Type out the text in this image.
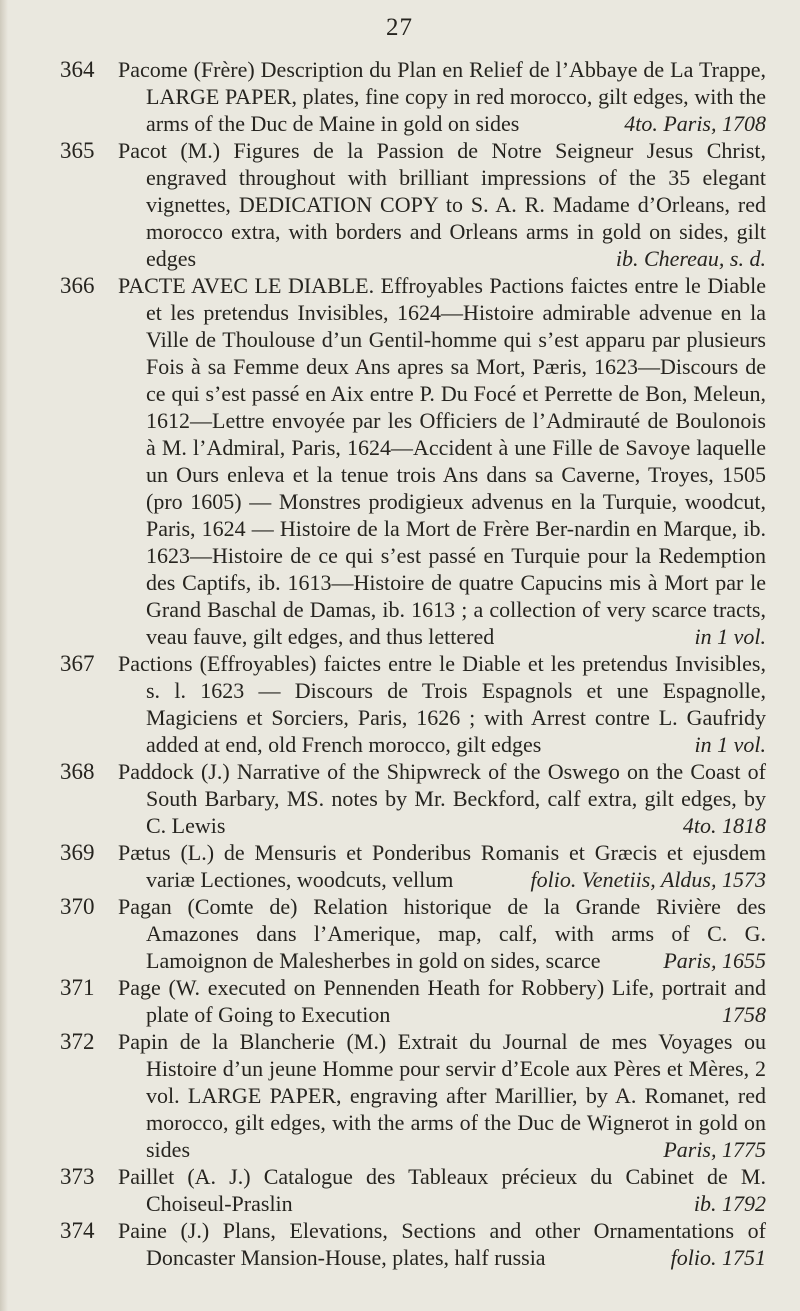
27
364 Pacome (Frère) Description du Plan en Relief de l’Abbaye de La Trappe, LARGE PAPER, plates, fine copy in red morocco, gilt edges, with the arms of the Duc de Maine in gold on sides	4to. Paris, 1708
365 Pacot (M.) Figures de la Passion de Notre Seigneur Jesus Christ, engraved throughout with brilliant impressions of the 35 elegant vignettes, DEDICATION COPY to S. A. R. Madame d’Orleans, red morocco extra, with borders and Orleans arms in gold on sides, gilt edges	ib. Chereau, s. d.
366 PACTE AVEC LE DIABLE. Effroyables Pactions faictes entre le Diable et les pretendus Invisibles, 1624—Histoire admirable advenue en la Ville de Thoulouse d’un Gentil-homme qui s’est apparu par plusieurs Fois à sa Femme deux Ans apres sa Mort, Pæris, 1623—Discours de ce qui s’est passé en Aix entre P. Du Focé et Perrette de Bon, Meleun, 1612—Lettre envoyée par les Officiers de l’Admirauté de Boulonois à M. l’Admiral, Paris, 1624—Accident à une Fille de Savoye laquelle un Ours enleva et la tenue trois Ans dans sa Caverne, Troyes, 1505 (pro 1605) — Monstres prodigieux advenus en la Turquie, woodcut, Paris, 1624 — Histoire de la Mort de Frère Ber-nardin en Marque, ib. 1623—Histoire de ce qui s’est passé en Turquie pour la Redemption des Captifs, ib. 1613—Histoire de quatre Capucins mis à Mort par le Grand Baschal de Damas, ib. 1613 ; a collection of very scarce tracts, veau fauve, gilt edges, and thus lettered	in 1 vol.
367 Pactions (Effroyables) faictes entre le Diable et les pretendus Invisibles, s. l. 1623 — Discours de Trois Espagnols et une Espagnolle, Magiciens et Sorciers, Paris, 1626 ; with Arrest contre L. Gaufridy added at end, old French morocco, gilt edges	in 1 vol.
368 Paddock (J.) Narrative of the Shipwreck of the Oswego on the Coast of South Barbary, MS. notes by Mr. Beckford, calf extra, gilt edges, by C. Lewis	4to. 1818
369 Pætus (L.) de Mensuris et Ponderibus Romanis et Græcis et ejusdem variæ Lectiones, woodcuts, vellum	folio. Venetiis, Aldus, 1573
370 Pagan (Comte de) Relation historique de la Grande Rivière des Amazones dans l’Amerique, map, calf, with arms of C. G. Lamoignon de Malesherbes in gold on sides, scarce	Paris, 1655
371 Page (W. executed on Pennenden Heath for Robbery) Life, portrait and plate of Going to Execution	1758
372 Papin de la Blancherie (M.) Extrait du Journal de mes Voyages ou Histoire d’un jeune Homme pour servir d’Ecole aux Pères et Mères, 2 vol. LARGE PAPER, engraving after Marillier, by A. Romanet, red morocco, gilt edges, with the arms of the Duc de Wignerot in gold on sides	Paris, 1775
373 Paillet (A. J.) Catalogue des Tableaux précieux du Cabinet de M. Choiseul-Praslin	ib. 1792
374 Paine (J.) Plans, Elevations, Sections and other Ornamentations of Doncaster Mansion-House, plates, half russia	folio. 1751
